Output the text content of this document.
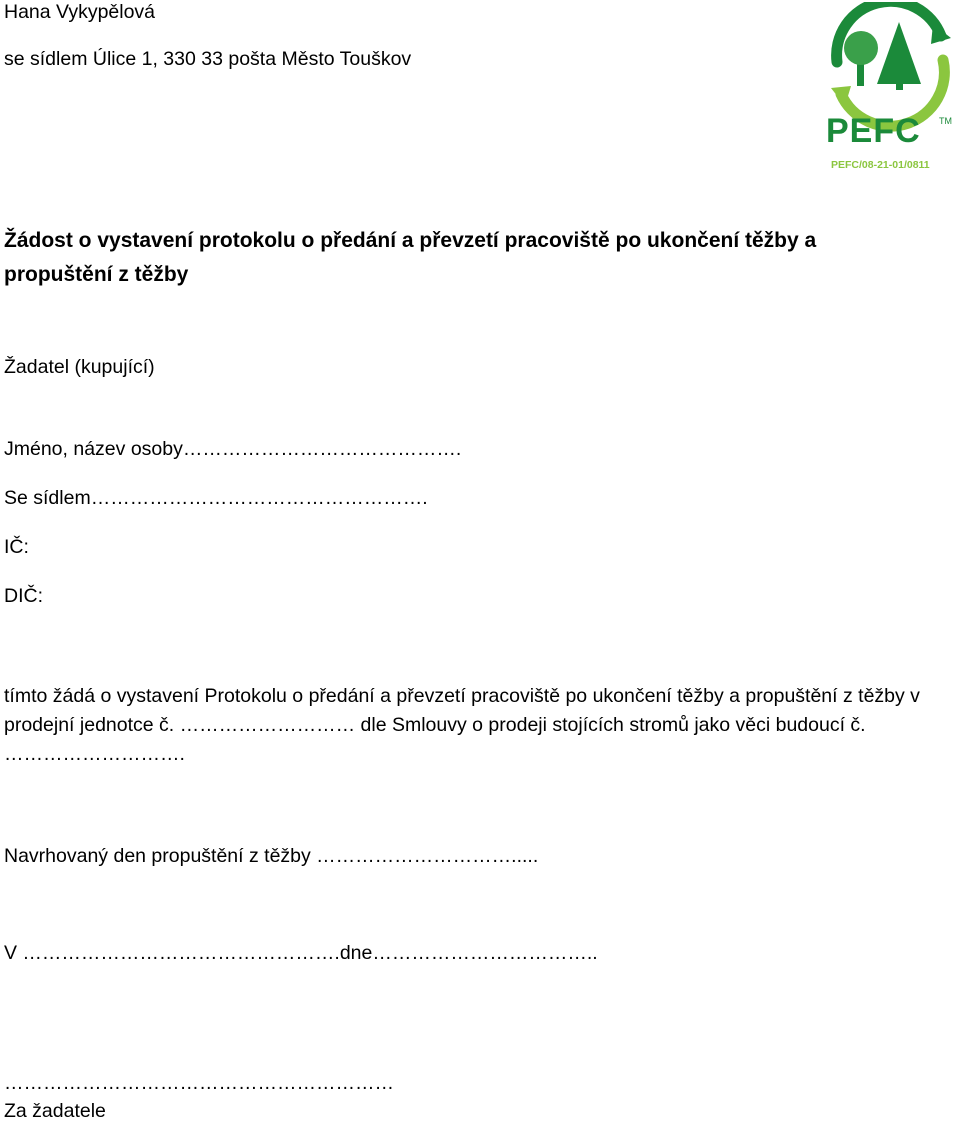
Hana Vykypělová
se sídlem Úlice 1, 330 33 pošta Město Touškov
PEFC TM
PEFC/08-21-01/0811
Žádost o vystavení protokolu o předání a převzetí pracoviště po ukončení těžby a propuštění z těžby
Žadatel (kupující)
Jméno, název osoby…………………………………….
Se sídlem…………………………………………….
IČ:
DIČ:
tímto žádá o vystavení Protokolu o předání a převzetí pracoviště po ukončení těžby a propuštění z těžby v prodejní jednotce č. ……………………… dle Smlouvy o prodeji stojících stromů jako věci budoucí č. ……………………….
Navrhovaný den propuštění z těžby ………………………….....
V ………………………………………….dne……………………………..
……………………………………………………
Za žadatele
